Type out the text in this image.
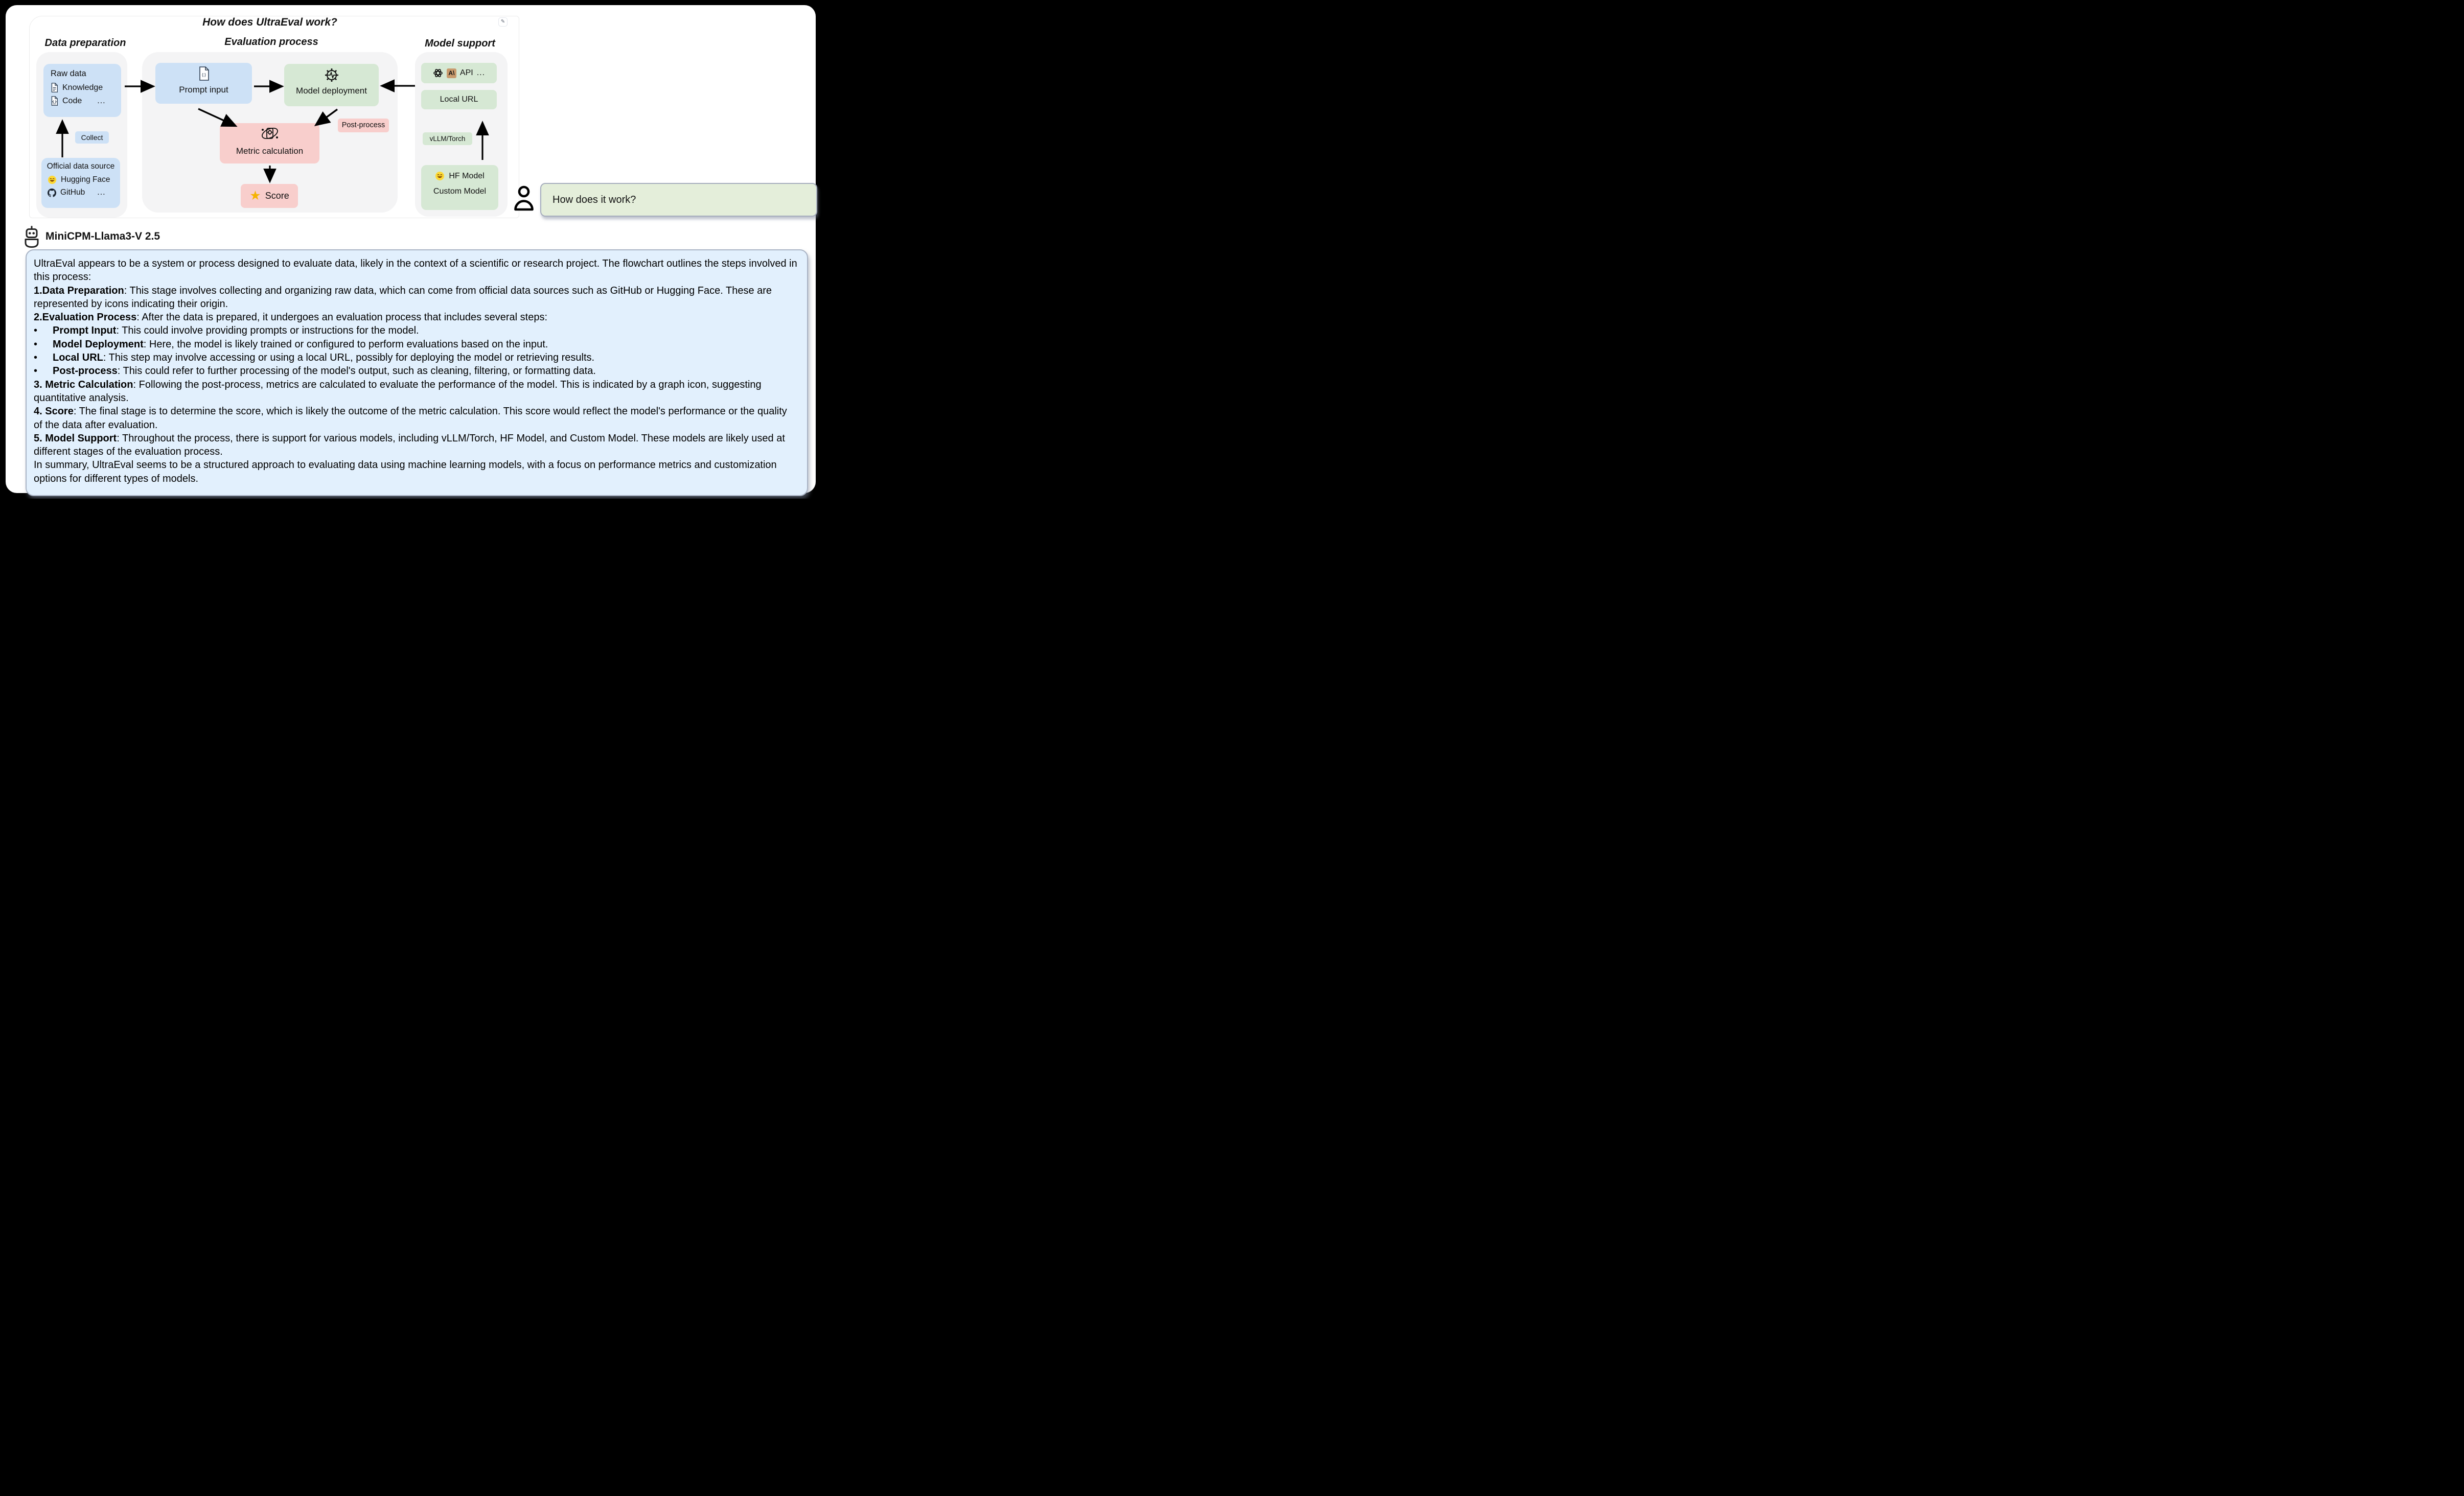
✎
How does UltraEval work?
Data preparation	Evaluation process	Model support
Raw data
Knowledge
Code ...
Collect
Official data source
Hugging Face
GitHub ...
{;}
Prompt input	Model deployment
Post-process
Metric calculation
★ Score
A\ API ...
Local URL
vLLM/Torch
HF Model
Custom Model
How does it work?
MiniCPM-Llama3-V 2.5
UltraEval appears to be a system or process designed to evaluate data, likely in the context of a scientific or research project. The flowchart outlines the steps involved in this process:
1.Data Preparation: This stage involves collecting and organizing raw data, which can come from official data sources such as GitHub or Hugging Face. These are represented by icons indicating their origin.
2.Evaluation Process: After the data is prepared, it undergoes an evaluation process that includes several steps:
• Prompt Input: This could involve providing prompts or instructions for the model.
• Model Deployment: Here, the model is likely trained or configured to perform evaluations based on the input.
• Local URL: This step may involve accessing or using a local URL, possibly for deploying the model or retrieving results.
• Post-process: This could refer to further processing of the model's output, such as cleaning, filtering, or formatting data.
3. Metric Calculation: Following the post-process, metrics are calculated to evaluate the performance of the model. This is indicated by a graph icon, suggesting quantitative analysis.
4. Score: The final stage is to determine the score, which is likely the outcome of the metric calculation. This score would reflect the model's performance or the quality of the data after evaluation.
5. Model Support: Throughout the process, there is support for various models, including vLLM/Torch, HF Model, and Custom Model. These models are likely used at different stages of the evaluation process.
In summary, UltraEval seems to be a structured approach to evaluating data using machine learning models, with a focus on performance metrics and customization options for different types of models.
